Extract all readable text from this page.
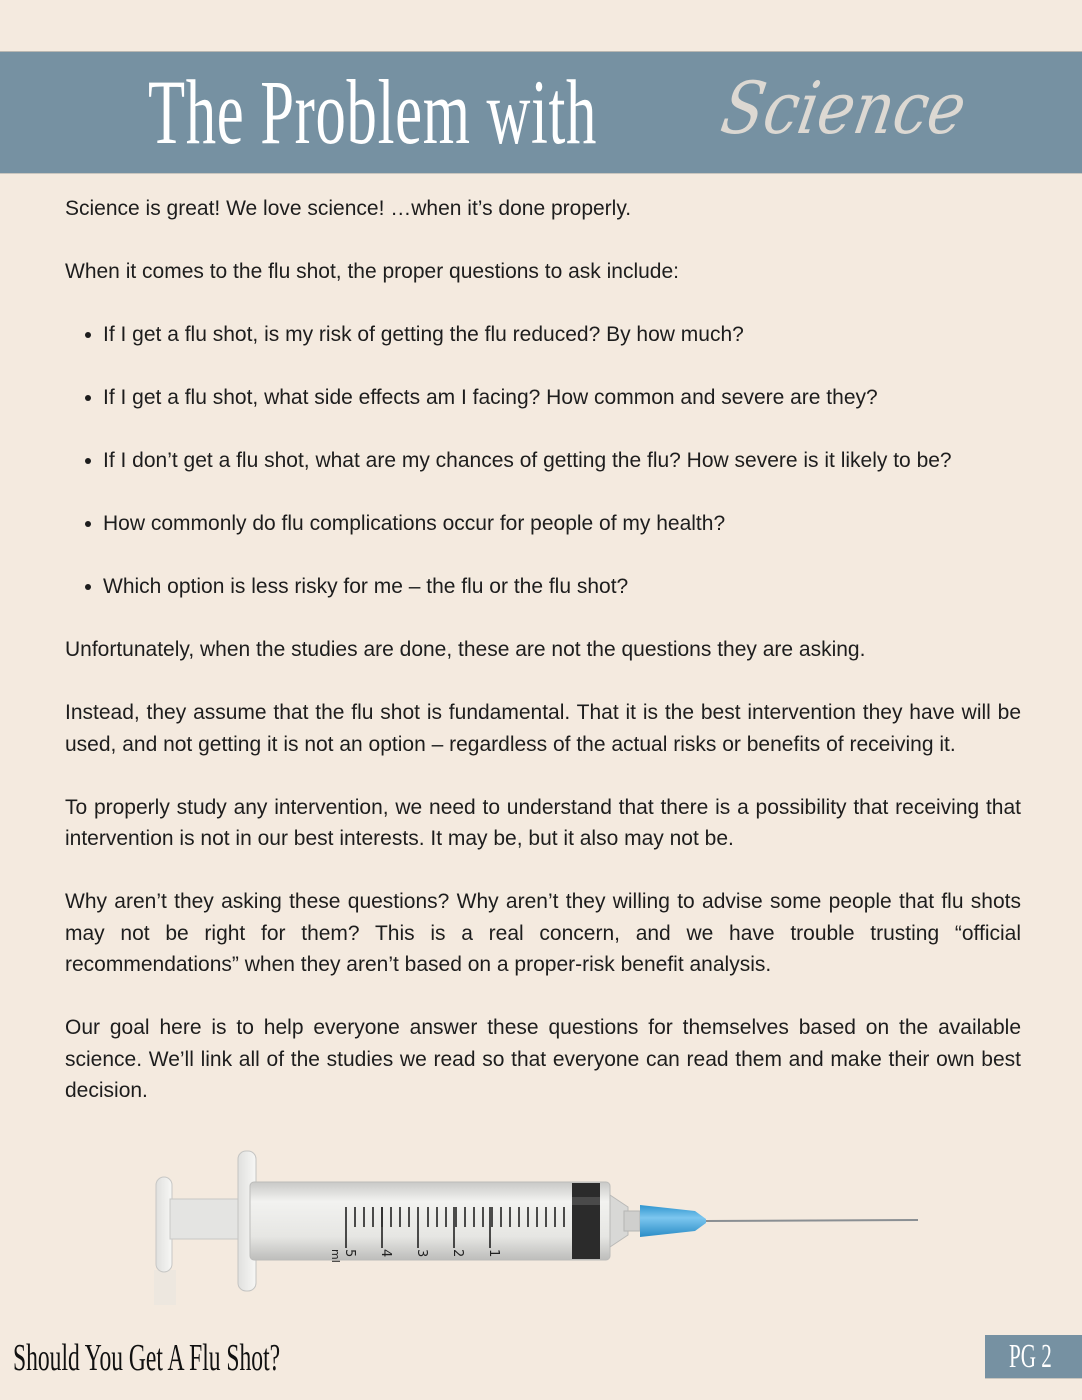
The Problem with Science

Science is great! We love science! …when it’s done properly.

When it comes to the flu shot, the proper questions to ask include:

If I get a flu shot, is my risk of getting the flu reduced? By how much?
If I get a flu shot, what side effects am I facing? How common and severe are they?
If I don’t get a flu shot, what are my chances of getting the flu? How severe is it likely to be?
How commonly do flu complications occur for people of my health?
Which option is less risky for me – the flu or the flu shot?

Unfortunately, when the studies are done, these are not the questions they are asking.

Instead, they assume that the flu shot is fundamental. That it is the best intervention they have will be used, and not getting it is not an option – regardless of the actual risks or benefits of receiving it.

To properly study any intervention, we need to understand that there is a possibility that receiving that intervention is not in our best interests. It may be, but it also may not be.

Why aren’t they asking these questions? Why aren’t they willing to advise some people that flu shots may not be right for them? This is a real concern, and we have trouble trusting “official recommendations” when they aren’t based on a proper-risk benefit analysis.

Our goal here is to help everyone answer these questions for themselves based on the available science. We’ll link all of the studies we read so that everyone can read them and make their own best decision.

5 4 3 2 1
ml
Should You Get A Flu Shot?	PG 2
